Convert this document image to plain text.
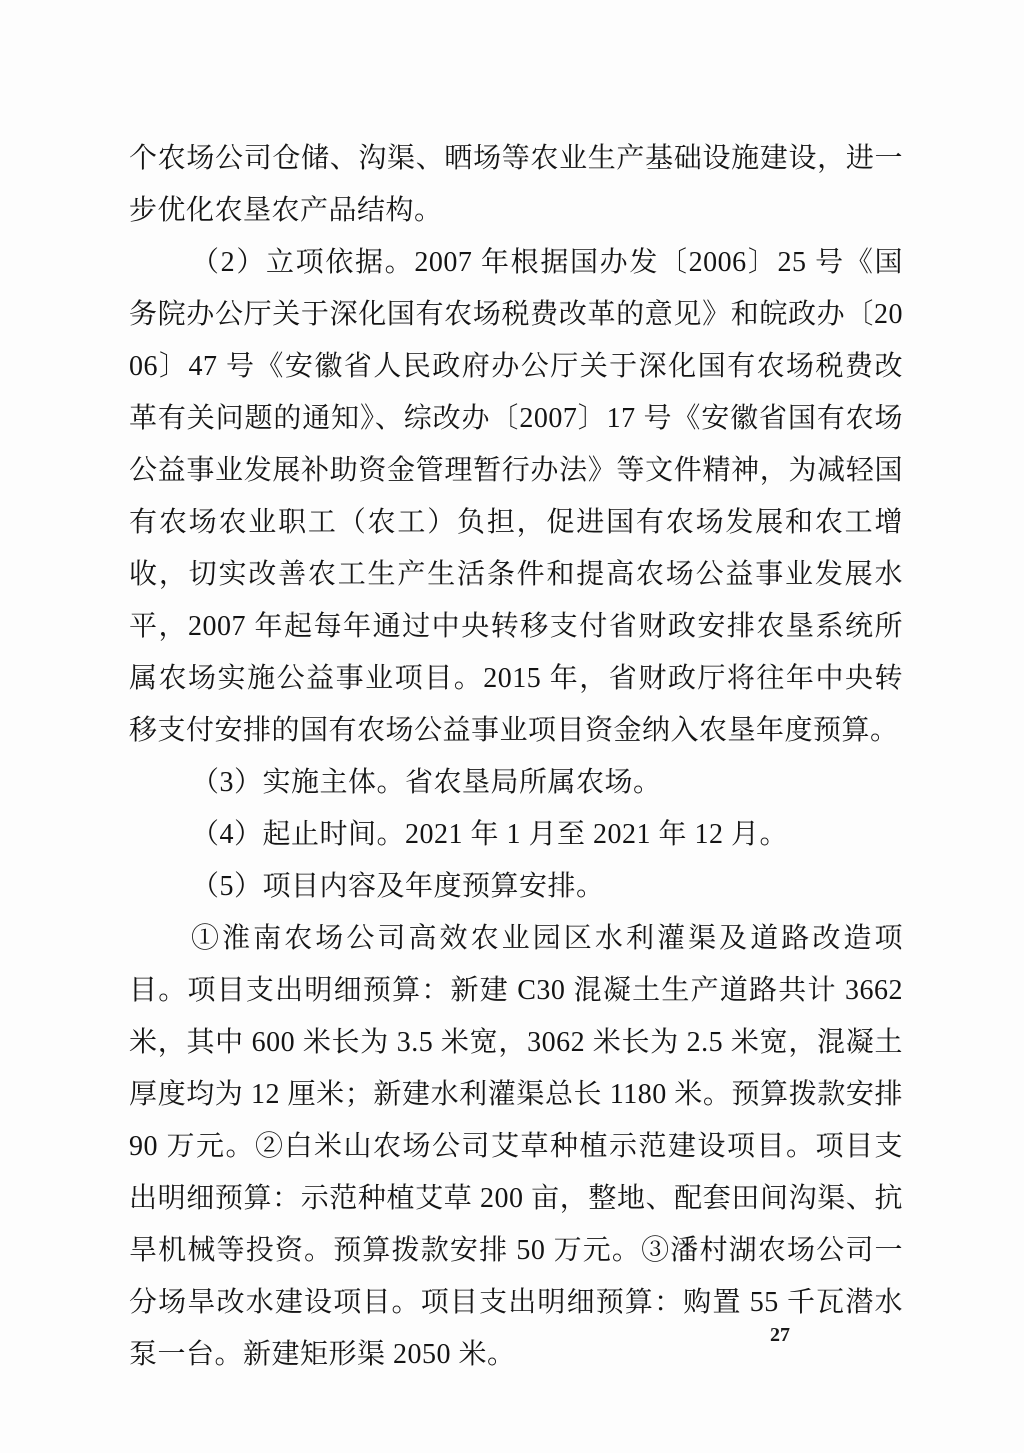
个农场公司仓储、沟渠、晒场等农业生产基础设施建设，进一步优化农垦农产品结构。

（2）立项依据。2007 年根据国办发〔2006〕25 号《国务院办公厅关于深化国有农场税费改革的意见》和皖政办〔2006〕47 号《安徽省人民政府办公厅关于深化国有农场税费改革有关问题的通知》、综改办〔2007〕17 号《安徽省国有农场公益事业发展补助资金管理暂行办法》等文件精神，为减轻国有农场农业职工（农工）负担，促进国有农场发展和农工增收，切实改善农工生产生活条件和提高农场公益事业发展水平，2007 年起每年通过中央转移支付省财政安排农垦系统所属农场实施公益事业项目。2015 年，省财政厅将往年中央转移支付安排的国有农场公益事业项目资金纳入农垦年度预算。

（3）实施主体。省农垦局所属农场。

（4）起止时间。2021 年 1 月至 2021 年 12 月。

（5）项目内容及年度预算安排。

①淮南农场公司高效农业园区水利灌渠及道路改造项目。项目支出明细预算：新建 C30 混凝土生产道路共计 3662 米，其中 600 米长为 3.5 米宽，3062 米长为 2.5 米宽，混凝土厚度均为 12 厘米；新建水利灌渠总长 1180 米。预算拨款安排 90 万元。②白米山农场公司艾草种植示范建设项目。项目支出明细预算：示范种植艾草 200 亩，整地、配套田间沟渠、抗旱机械等投资。预算拨款安排 50 万元。③潘村湖农场公司一分场旱改水建设项目。项目支出明细预算：购置 55 千瓦潜水泵一台。新建矩形渠 2050 米。

27
